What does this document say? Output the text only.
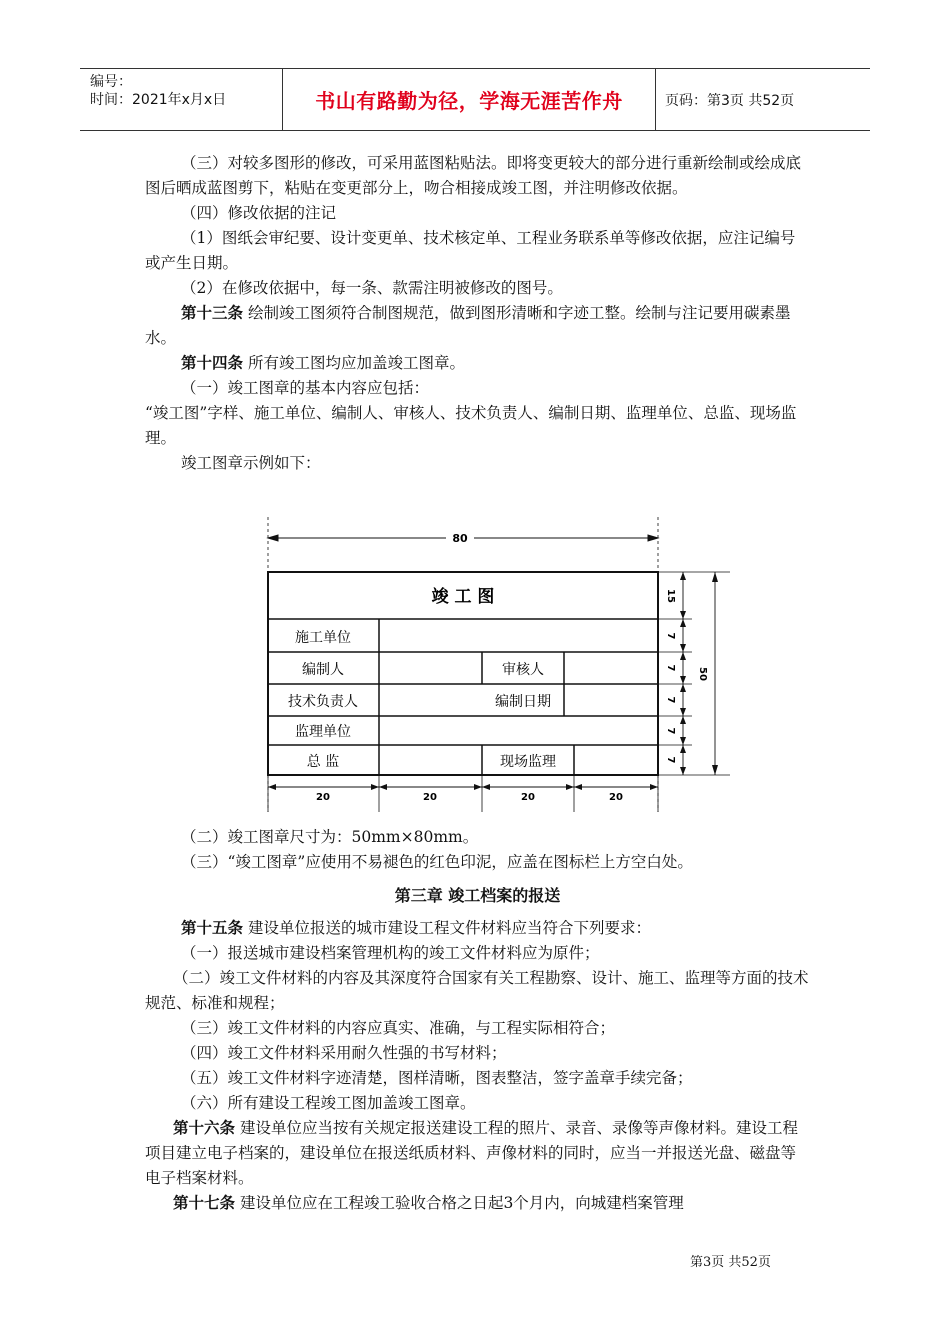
编号：
时间：2021年x月x日	书山有路勤为径，学海无涯苦作舟	页码：第3页 共52页

（三）对较多图形的修改，可采用蓝图粘贴法。即将变更较大的部分进行重新绘制或绘成底图后晒成蓝图剪下，粘贴在变更部分上，吻合相接成竣工图，并注明修改依据。

（四）修改依据的注记

（1）图纸会审纪要、设计变更单、技术核定单、工程业务联系单等修改依据，应注记编号或产生日期。

（2）在修改依据中，每一条、款需注明被修改的图号。

第十三条 绘制竣工图须符合制图规范，做到图形清晰和字迹工整。绘制与注记要用碳素墨水。

第十四条 所有竣工图均应加盖竣工图章。

（一）竣工图章的基本内容应包括：

“竣工图”字样、施工单位、编制人、审核人、技术负责人、编制日期、监理单位、总监、现场监理。

竣工图章示例如下：

80
竣 工 图
施工单位
编制人	审核人
技术负责人	编制日期
监理单位
总 监	现场监理
15
7
7
7
7
7
50
20	20	20	20

（二）竣工图章尺寸为：50mm×80mm。

（三）“竣工图章”应使用不易褪色的红色印泥，应盖在图标栏上方空白处。

第三章 竣工档案的报送

第十五条 建设单位报送的城市建设工程文件材料应当符合下列要求：

（一）报送城市建设档案管理机构的竣工文件材料应为原件；

（二）竣工文件材料的内容及其深度符合国家有关工程勘察、设计、施工、监理等方面的技术规范、标准和规程；

（三）竣工文件材料的内容应真实、准确，与工程实际相符合；

（四）竣工文件材料采用耐久性强的书写材料；

（五）竣工文件材料字迹清楚，图样清晰，图表整洁，签字盖章手续完备；

（六）所有建设工程竣工图加盖竣工图章。

第十六条 建设单位应当按有关规定报送建设工程的照片、录音、录像等声像材料。建设工程项目建立电子档案的，建设单位在报送纸质材料、声像材料的同时，应当一并报送光盘、磁盘等电子档案材料。

第十七条 建设单位应在工程竣工验收合格之日起3个月内，向城建档案管理

第3页 共52页
